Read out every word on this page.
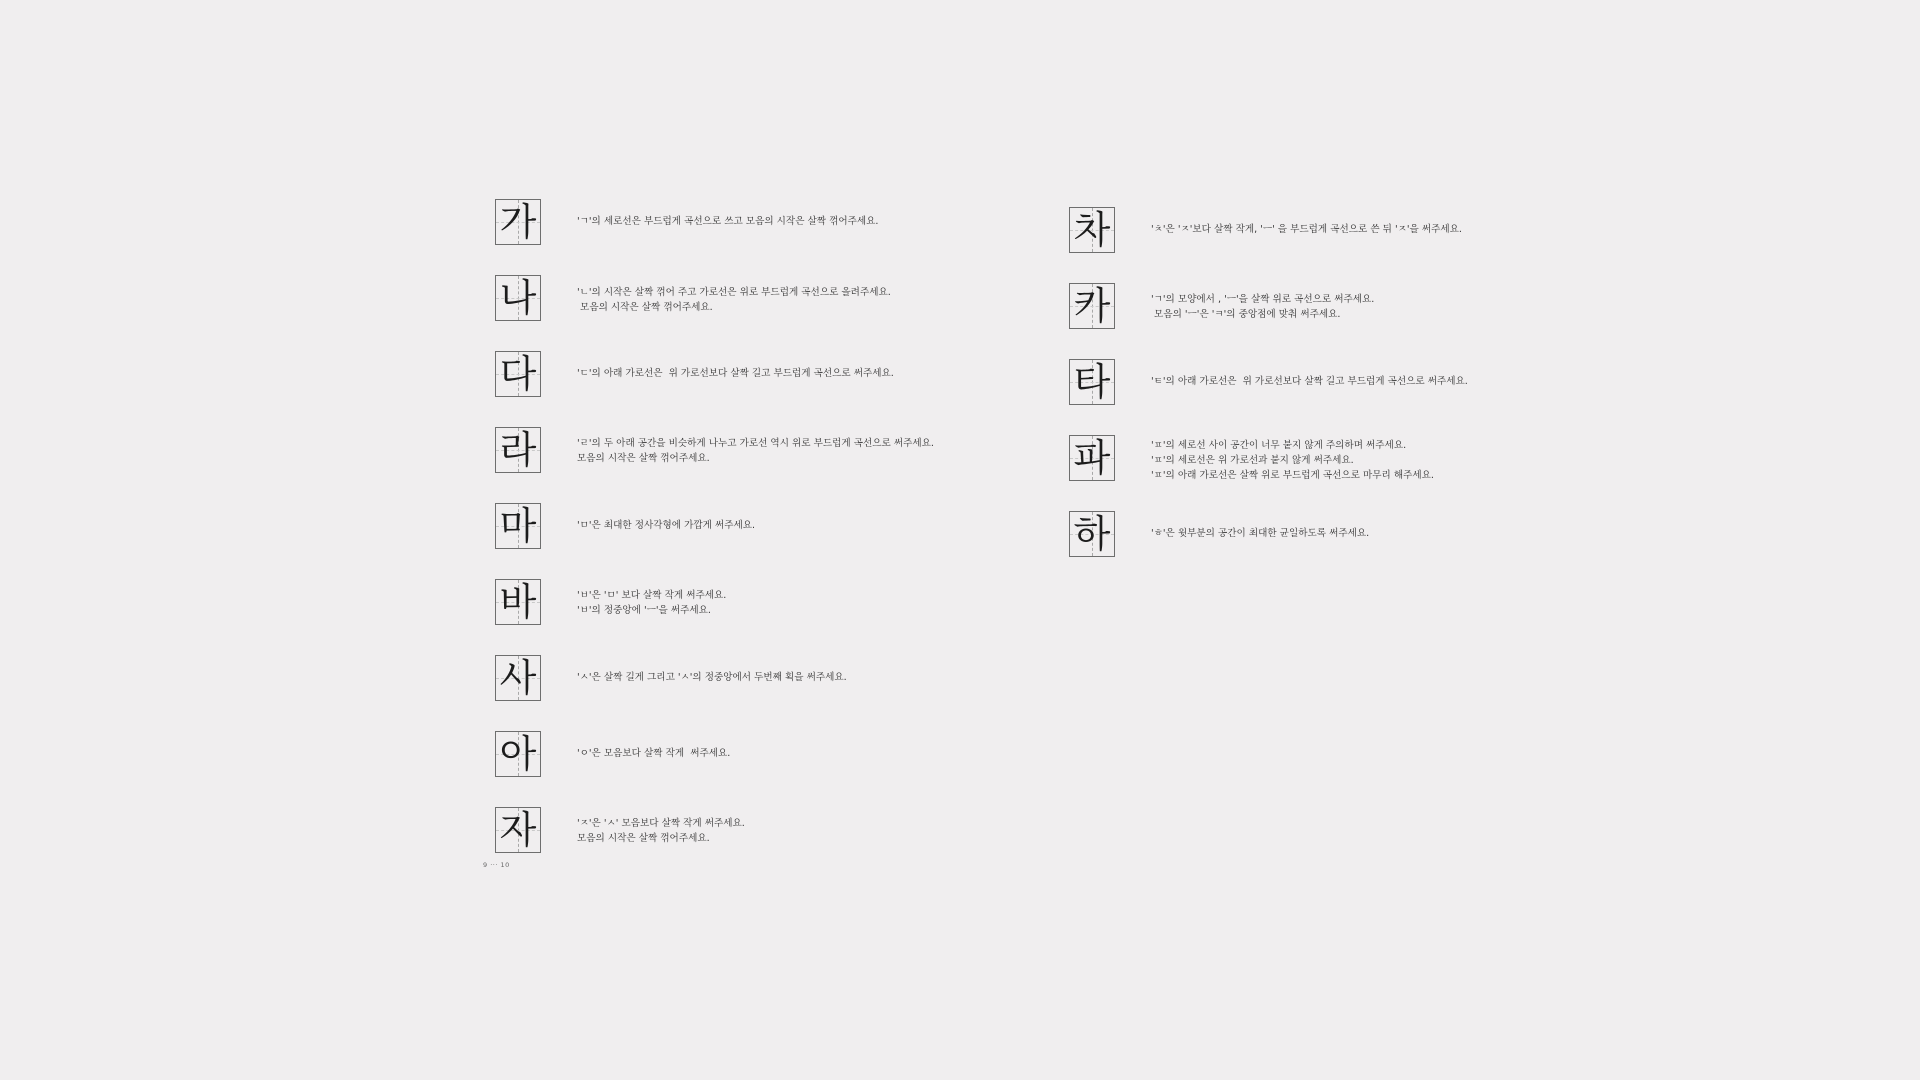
가	'ㄱ'의 세로선은 부드럽게 곡선으로 쓰고 모음의 시작은 살짝 꺾어주세요.
나	'ㄴ'의 시작은 살짝 꺾어 주고 가로선은 위로 부드럽게 곡선으로 올려주세요.
모음의 시작은 살짝 꺾어주세요.
다	'ㄷ'의 아래 가로선은  위 가로선보다 살짝 길고 부드럽게 곡선으로 써주세요.
라	'ㄹ'의 두 아래 공간을 비슷하게 나누고 가로선 역시 위로 부드럽게 곡선으로 써주세요.
모음의 시작은 살짝 꺾어주세요.
마	'ㅁ'은 최대한 정사각형에 가깝게 써주세요.
바	'ㅂ'은 'ㅁ' 보다 살짝 작게 써주세요.
'ㅂ'의 정중앙에 'ㅡ'을 써주세요.
사	'ㅅ'은 살짝 길게 그리고 'ㅅ'의 정중앙에서 두번째 획을 써주세요.
아	'ㅇ'은 모음보다 살짝 작게  써주세요.
자	'ㅈ'은 'ㅅ' 모음보다 살짝 작게 써주세요.
모음의 시작은 살짝 꺾어주세요.
차	'ㅊ'은 'ㅈ'보다 살짝 작게, 'ㅡ' 을 부드럽게 곡선으로 쓴 뒤 'ㅈ'을 써주세요.
카	'ㄱ'의 모양에서 , 'ㅡ'을 살짝 위로 곡선으로 써주세요.
모음의 'ㅡ'은 'ㅋ'의 중앙점에 맞춰 써주세요.
타	'ㅌ'의 아래 가로선은  위 가로선보다 살짝 길고 부드럽게 곡선으로 써주세요.
파	'ㅍ'의 세로선 사이 공간이 너무 붙지 않게 주의하며 써주세요.
'ㅍ'의 세로선은 위 가로선과 붙지 않게 써주세요.
'ㅍ'의 아래 가로선은 살짝 위로 부드럽게 곡선으로 마무리 해주세요.
하	'ㅎ'은 윗부분의 공간이 최대한 균일하도록 써주세요.
9 ··· 10
